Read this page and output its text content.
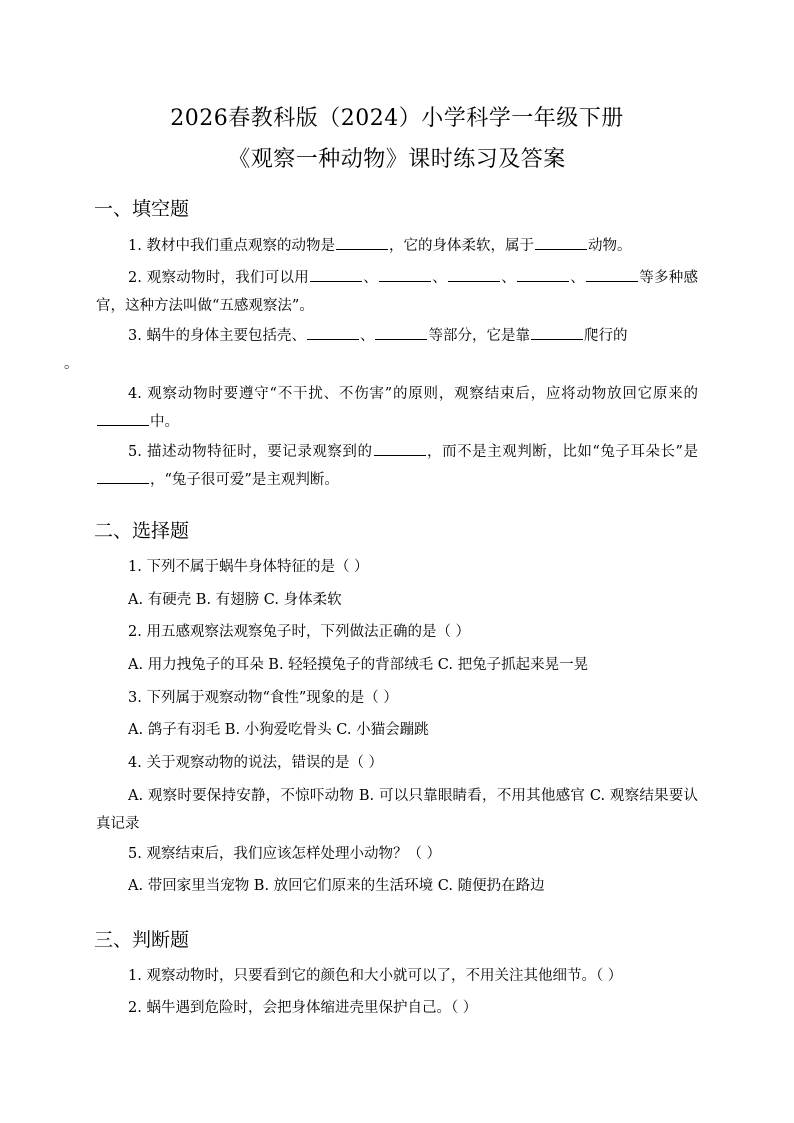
2026春教科版（2024）小学科学一年级下册
《观察一种动物》课时练习及答案
一、填空题
1. 教材中我们重点观察的动物是	，它的身体柔软，属于	动物。
2. 观察动物时，我们可以用	、	、	、	、	等多种感官，这种方法叫做“五感观察法”。
3. 蜗牛的身体主要包括壳、	、	等部分，它是靠	爬行的
。
4. 观察动物时要遵守“不干扰、不伤害”的原则，观察结束后，应将动物放回它原来的中。
5. 描述动物特征时，要记录观察到的	，而不是主观判断，比如“兔子耳朵长”是，“兔子很可爱”是主观判断。
二、选择题
1. 下列不属于蜗牛身体特征的是（ ）
A. 有硬壳 B. 有翅膀 C. 身体柔软
2. 用五感观察法观察兔子时，下列做法正确的是（ ）
A. 用力拽兔子的耳朵 B. 轻轻摸兔子的背部绒毛 C. 把兔子抓起来晃一晃
3. 下列属于观察动物“食性”现象的是（ ）
A. 鸽子有羽毛 B. 小狗爱吃骨头 C. 小猫会蹦跳
4. 关于观察动物的说法，错误的是（ ）
A. 观察时要保持安静，不惊吓动物 B. 可以只靠眼睛看，不用其他感官 C. 观察结果要认真记录
5. 观察结束后，我们应该怎样处理小动物？（ ）
A. 带回家里当宠物 B. 放回它们原来的生活环境 C. 随便扔在路边
三、判断题
1. 观察动物时，只要看到它的颜色和大小就可以了，不用关注其他细节。（ ）
2. 蜗牛遇到危险时，会把身体缩进壳里保护自己。（ ）
